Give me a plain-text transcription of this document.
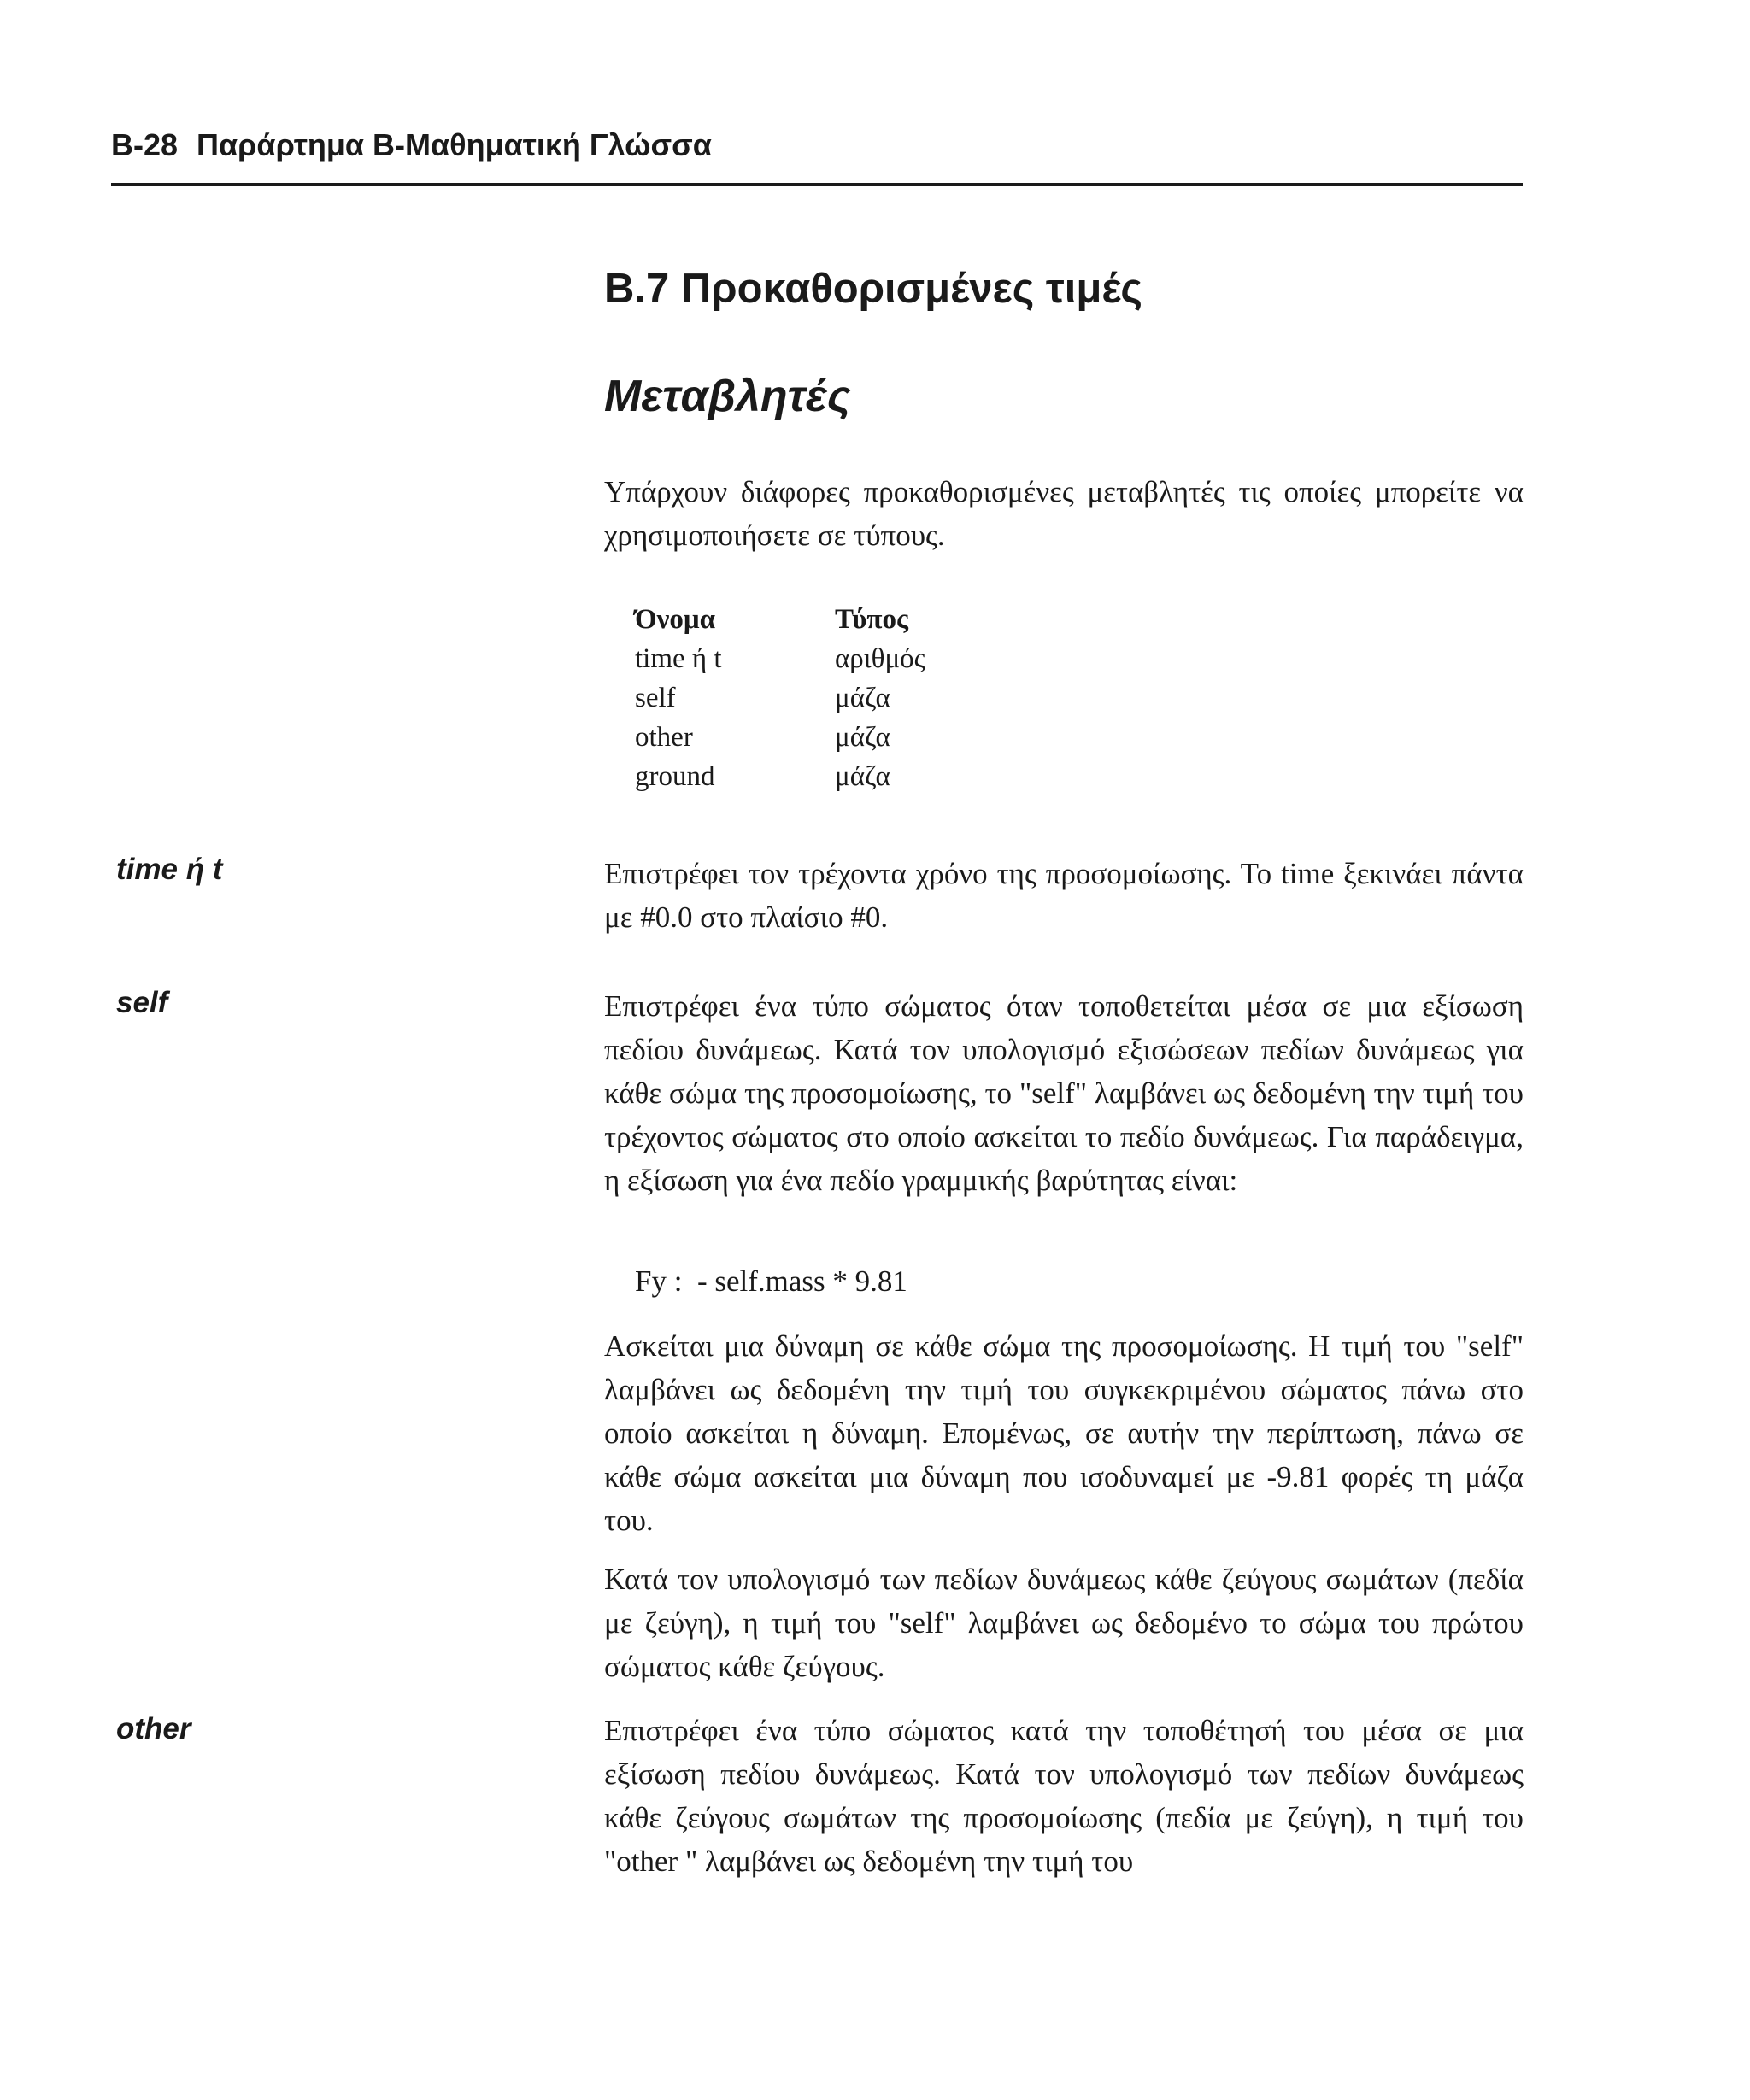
B-28 Παράρτημα B-Μαθηματική Γλώσσα
B.7 Προκαθορισμένες τιμές
Μεταβλητές

Υπάρχουν διάφορες προκαθορισμένες μεταβλητές τις οποίες μπορείτε να χρησιμοποιήσετε σε τύπους.

Όνομα	Τύπος
time ή t	αριθμός
self	μάζα
other	μάζα
ground	μάζα
time ή t	Επιστρέφει τον τρέχοντα χρόνο της προσομοίωσης. Το time ξεκινάει πάντα με #0.0 στο πλαίσιο #0.

self	Επιστρέφει ένα τύπο σώματος όταν τοποθετείται μέσα σε μια εξίσωση πεδίου δυνάμεως. Κατά τον υπολογισμό εξισώσεων πεδίων δυνάμεως για κάθε σώμα της προσομοίωσης, το "self" λαμβάνει ως δεδομένη την τιμή του τρέχοντος σώματος στο οποίο ασκείται το πεδίο δυνάμεως. Για παράδειγμα, η εξίσωση για ένα πεδίο γραμμικής βαρύτητας είναι:

Fy :  - self.mass * 9.81

Ασκείται μια δύναμη σε κάθε σώμα της προσομοίωσης. Η τιμή του "self" λαμβάνει ως δεδομένη την τιμή του συγκεκριμένου σώματος πάνω στο οποίο ασκείται η δύναμη. Επομένως, σε αυτήν την περίπτωση, πάνω σε κάθε σώμα ασκείται μια δύναμη που ισοδυναμεί με -9.81 φορές τη μάζα του.

Κατά τον υπολογισμό των πεδίων δυνάμεως κάθε ζεύγους σωμάτων (πεδία με ζεύγη), η τιμή του "self" λαμβάνει ως δεδομένο το σώμα του πρώτου σώματος κάθε ζεύγους.

other	Επιστρέφει ένα τύπο σώματος κατά την τοποθέτησή του μέσα σε μια εξίσωση πεδίου δυνάμεως. Κατά τον υπολογισμό των πεδίων δυνάμεως κάθε ζεύγους σωμάτων της προσομοίωσης (πεδία με ζεύγη), η τιμή του "other " λαμβάνει ως δεδομένη την τιμή του
